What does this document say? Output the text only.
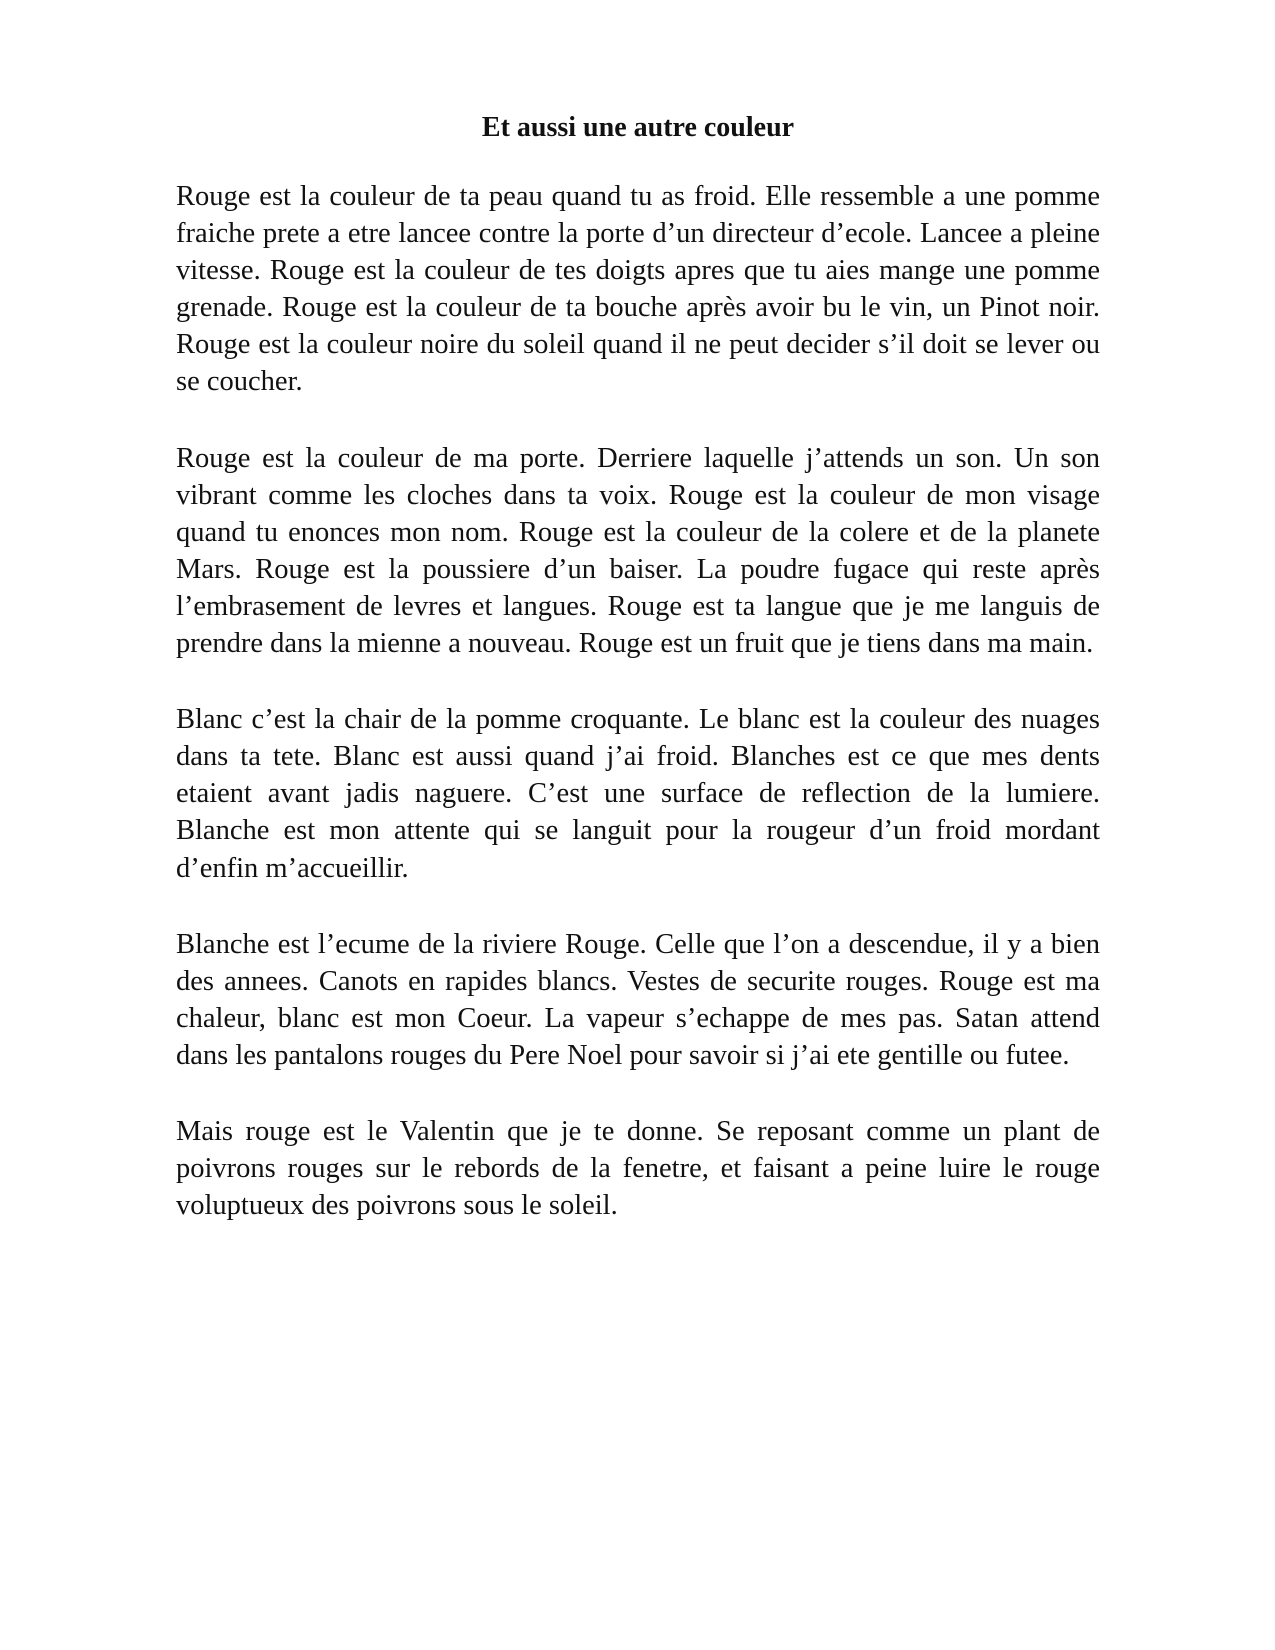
Et aussi une autre couleur

Rouge est la couleur de ta peau quand tu as froid. Elle ressemble a une pomme fraiche prete a etre lancee contre la porte d’un directeur d’ecole. Lancee a pleine vitesse. Rouge est la couleur de tes doigts apres que tu aies mange une pomme grenade. Rouge est la couleur de ta bouche après avoir bu le vin, un Pinot noir. Rouge est la couleur noire du soleil quand il ne peut decider s’il doit se lever ou se coucher.

Rouge est la couleur de ma porte. Derriere laquelle j’attends un son. Un son vibrant comme les cloches dans ta voix. Rouge est la couleur de mon visage quand tu enonces mon nom. Rouge est la couleur de la colere et de la planete Mars. Rouge est la poussiere d’un baiser. La poudre fugace qui reste après l’embrasement de levres et langues. Rouge est ta langue que je me languis de prendre dans la mienne a nouveau. Rouge est un fruit que je tiens dans ma main.

Blanc c’est la chair de la pomme croquante. Le blanc est la couleur des nuages dans ta tete. Blanc est aussi quand j’ai froid. Blanches est ce que mes dents etaient avant jadis naguere. C’est une surface de reflection de la lumiere. Blanche est mon attente qui se languit pour la rougeur d’un froid mordant d’enfin m’accueillir.

Blanche est l’ecume de la riviere Rouge. Celle que l’on a descendue, il y a bien des annees. Canots en rapides blancs. Vestes de securite rouges. Rouge est ma chaleur, blanc est mon Coeur. La vapeur s’echappe de mes pas. Satan attend dans les pantalons rouges du Pere Noel pour savoir si j’ai ete gentille ou futee.

Mais rouge est le Valentin que je te donne. Se reposant comme un plant de poivrons rouges sur le rebords de la fenetre, et faisant a peine luire le rouge voluptueux des poivrons sous le soleil.
